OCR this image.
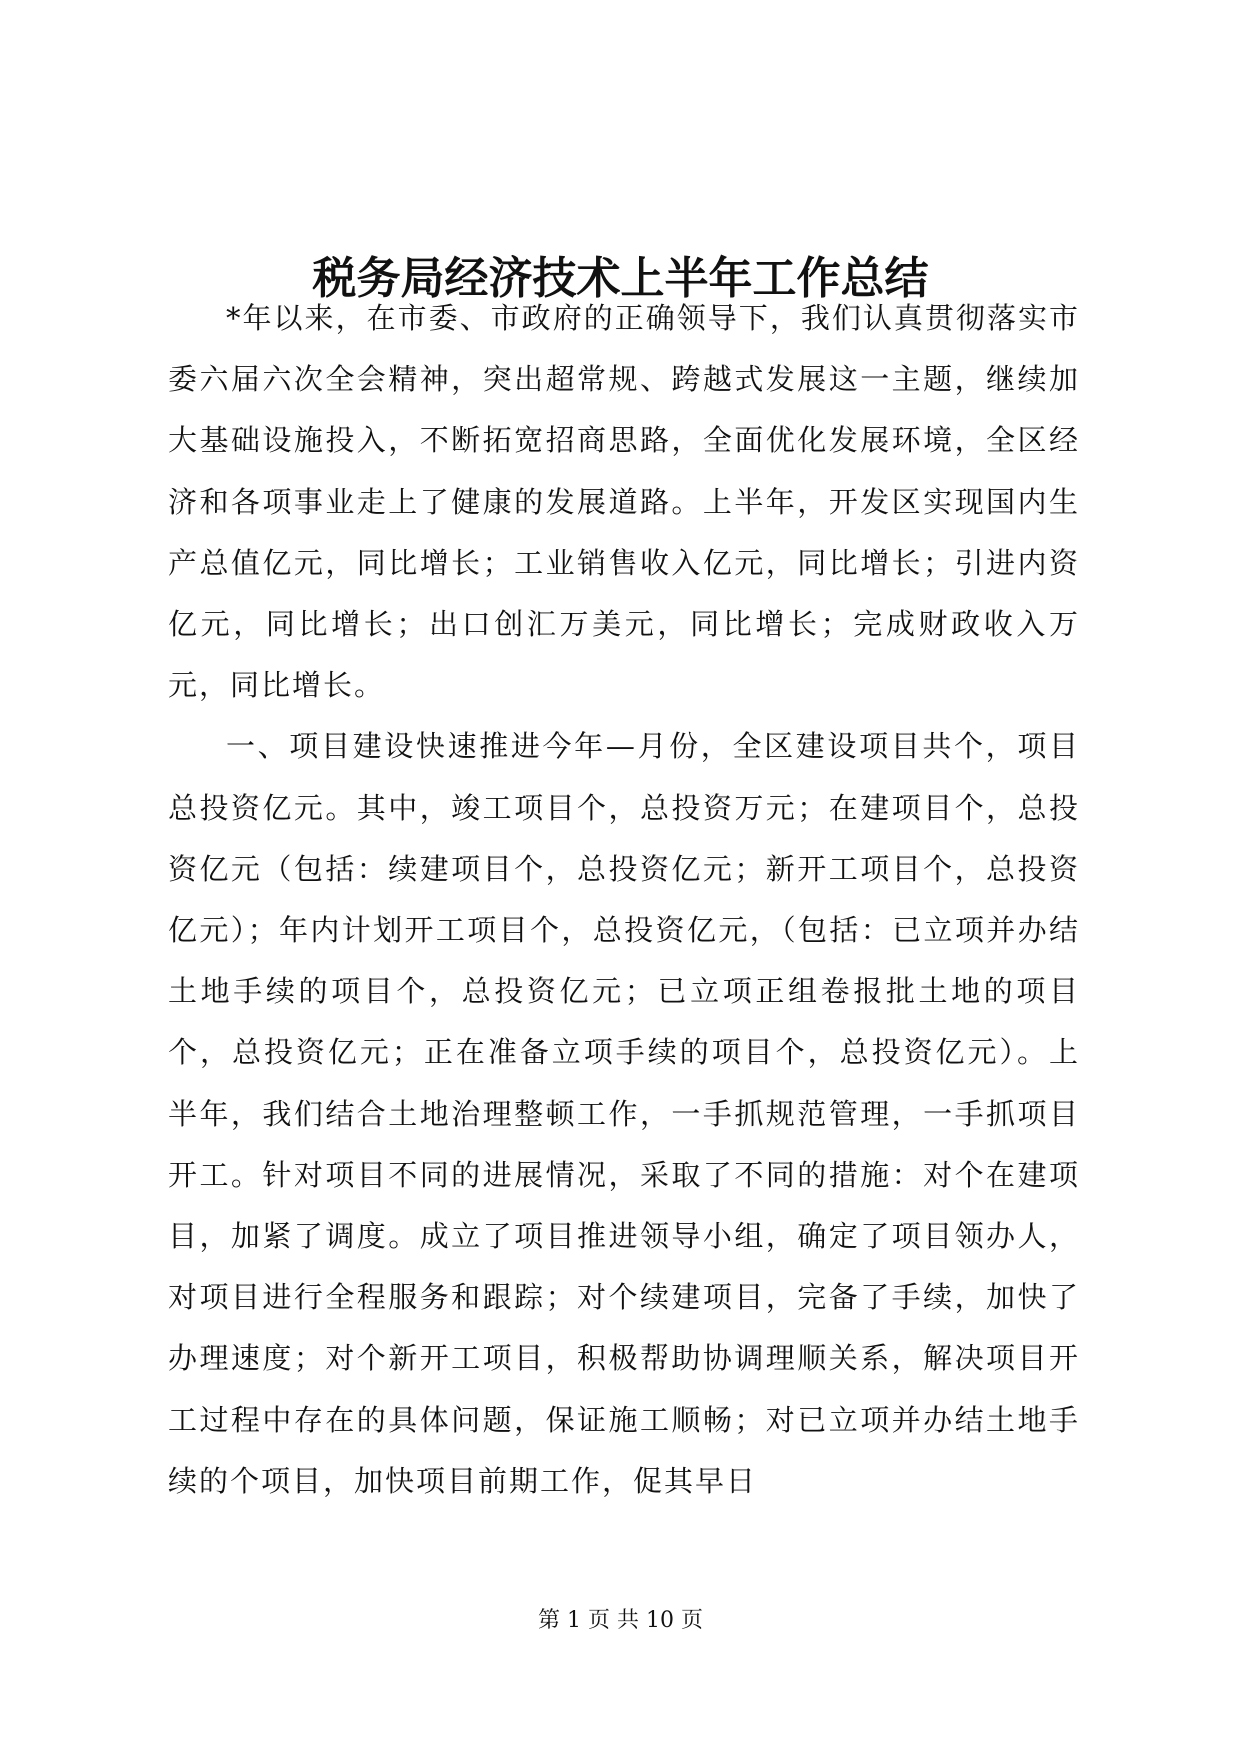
税务局经济技术上半年工作总结

*年以来，在市委、市政府的正确领导下，我们认真贯彻落实市委六届六次全会精神，突出超常规、跨越式发展这一主题，继续加大基础设施投入，不断拓宽招商思路，全面优化发展环境，全区经济和各项事业走上了健康的发展道路。上半年，开发区实现国内生产总值亿元，同比增长；工业销售收入亿元，同比增长；引进内资亿元，同比增长；出口创汇万美元，同比增长；完成财政收入万元，同比增长。

一、项目建设快速推进今年—月份，全区建设项目共个，项目总投资亿元。其中，竣工项目个，总投资万元；在建项目个，总投资亿元（包括：续建项目个，总投资亿元；新开工项目个，总投资亿元）；年内计划开工项目个，总投资亿元，（包括：已立项并办结土地手续的项目个，总投资亿元；已立项正组卷报批土地的项目个，总投资亿元；正在准备立项手续的项目个，总投资亿元）。上半年，我们结合土地治理整顿工作，一手抓规范管理，一手抓项目开工。针对项目不同的进展情况，采取了不同的措施：对个在建项目，加紧了调度。成立了项目推进领导小组，确定了项目领办人，对项目进行全程服务和跟踪；对个续建项目，完备了手续，加快了办理速度；对个新开工项目，积极帮助协调理顺关系，解决项目开工过程中存在的具体问题，保证施工顺畅；对已立项并办结土地手续的个项目，加快项目前期工作，促其早日

第 1 页 共 10 页
